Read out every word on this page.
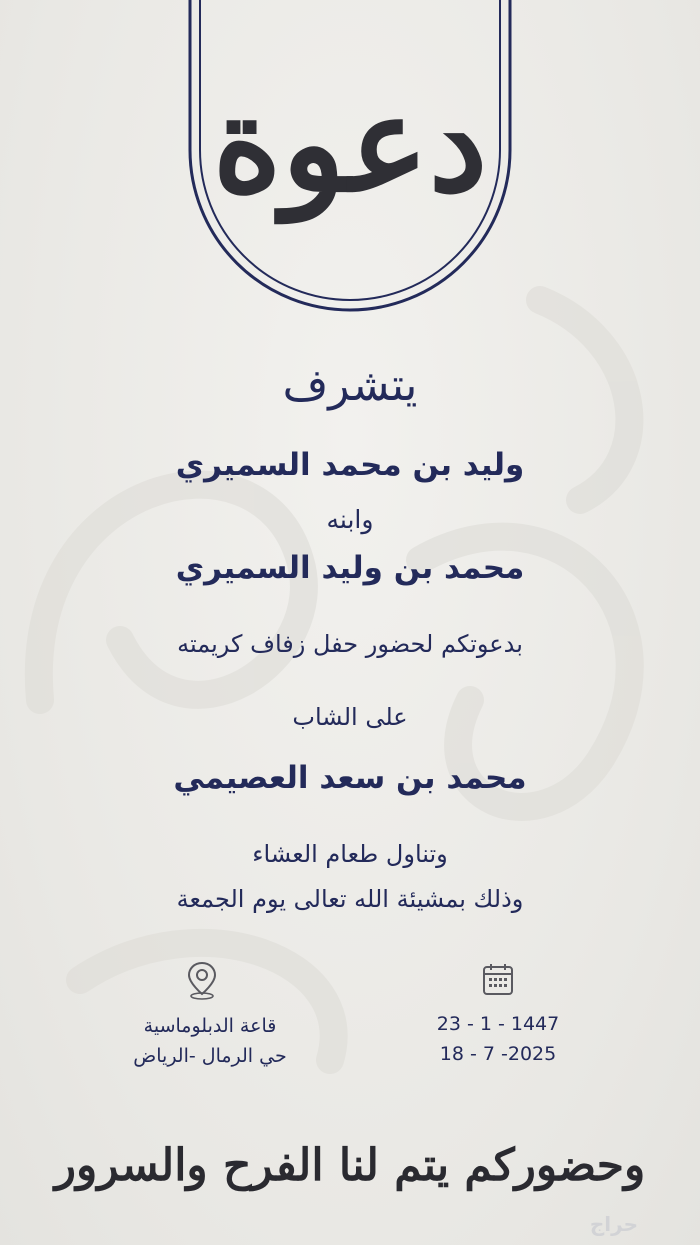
دعوة
يتشرف
وليد بن محمد السميري
وابنه
محمد بن وليد السميري
بدعوتكم لحضور حفل زفاف كريمته
على الشاب
محمد بن سعد العصيمي
وتناول طعام العشاء
وذلك بمشيئة الله تعالى يوم الجمعة
قاعة الدبلوماسية
حي الرمال -الرياض
23 - 1 - 1447
18 - 7 -2025
وحضوركم يتم لنا الفرح والسرور
حراج
